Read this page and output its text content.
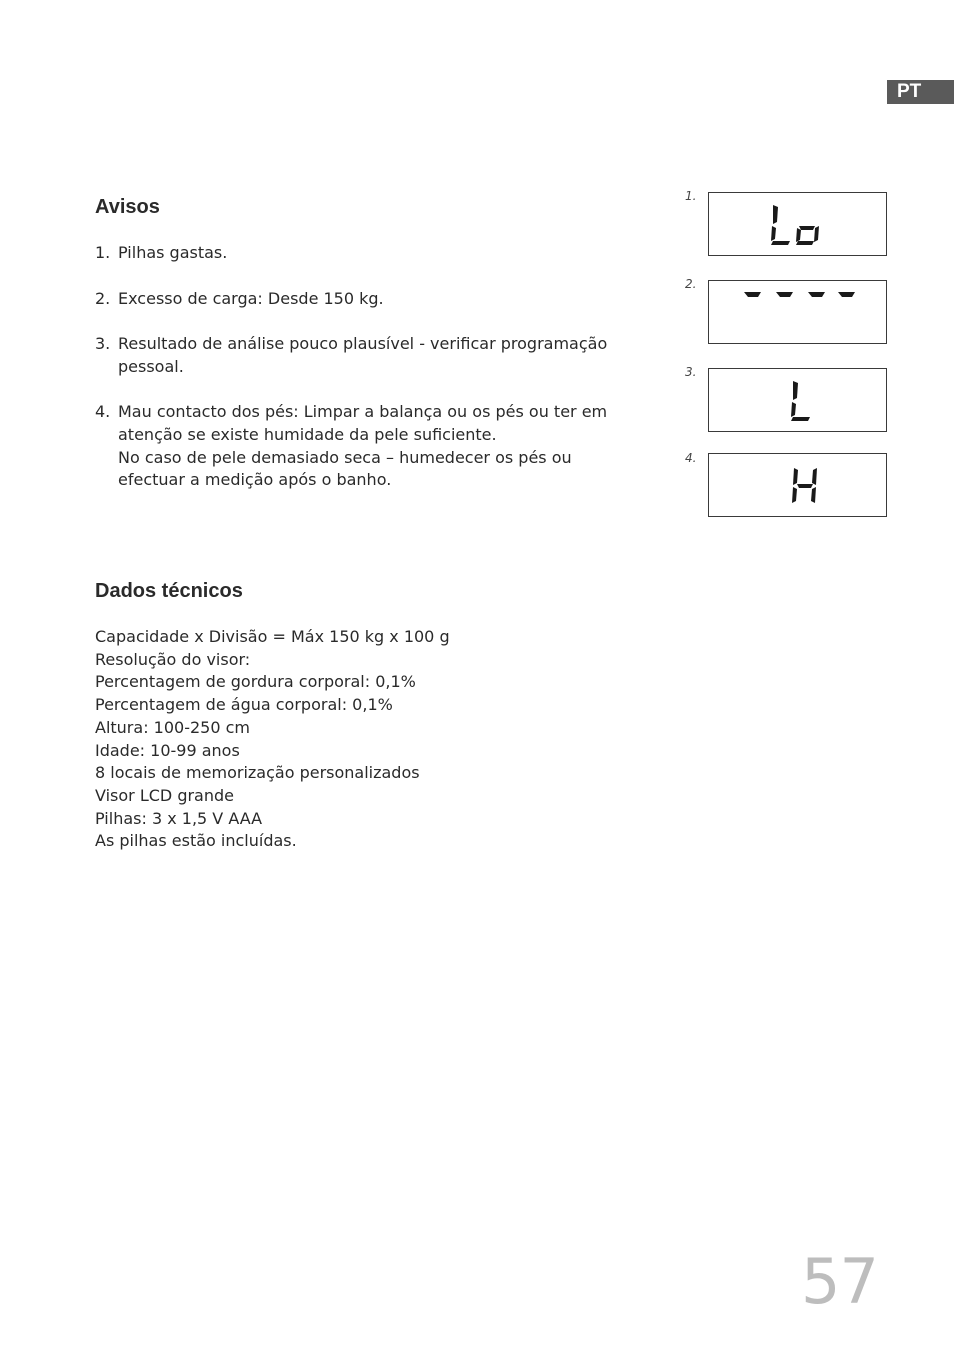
PT
Avisos
1. Pilhas gastas.
2. Excesso de carga: Desde 150 kg.
3. Resultado de análise pouco plausível - verificar programação
pessoal.
4. Mau contacto dos pés: Limpar a balança ou os pés ou ter em
atenção se existe humidade da pele suficiente.
No caso de pele demasiado seca – humedecer os pés ou
efectuar a medição após o banho.
1.
2.
3.
4.
Dados técnicos
Capacidade x Divisão = Máx 150 kg x 100 g
Resolução do visor:
Percentagem de gordura corporal: 0,1%
Percentagem de água corporal: 0,1%
Altura: 100-250 cm
Idade: 10-99 anos
8 locais de memorização personalizados
Visor LCD grande
Pilhas: 3 x 1,5 V AAA
As pilhas estão incluídas.
57
